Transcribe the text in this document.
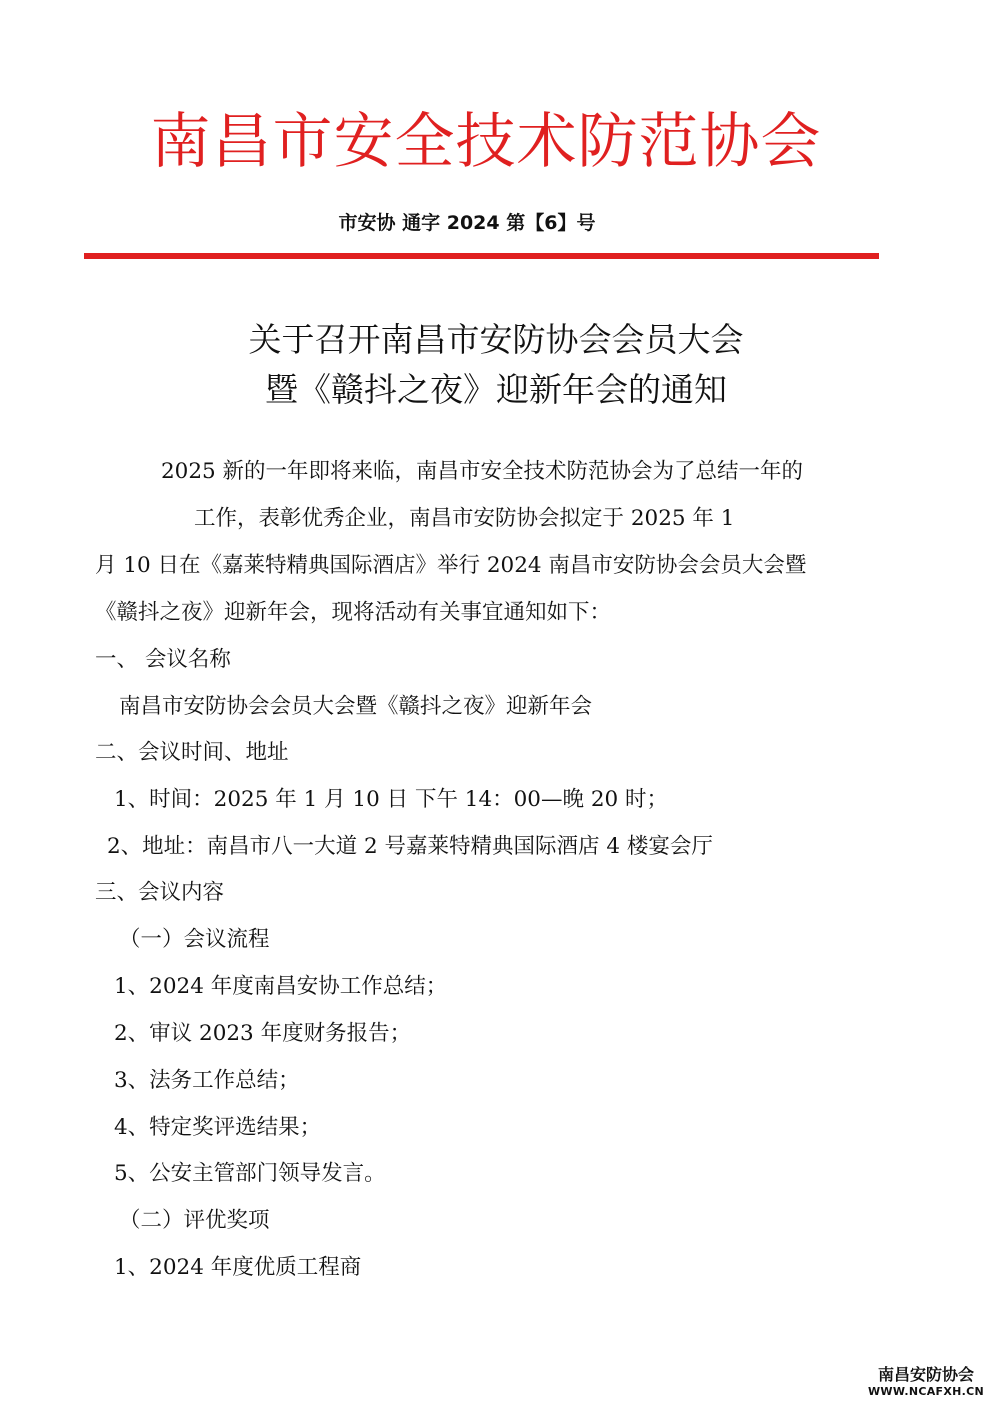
南昌市安全技术防范协会
市安协 通字 2024 第【6】号
关于召开南昌市安防协会会员大会
暨《赣抖之夜》迎新年会的通知
2025 新的一年即将来临，南昌市安全技术防范协会为了总结一年的
工作，表彰优秀企业，南昌市安防协会拟定于 2025 年 1
月 10 日在《嘉莱特精典国际酒店》举行 2024 南昌市安防协会会员大会暨
《赣抖之夜》迎新年会，现将活动有关事宜通知如下：
一、 会议名称
南昌市安防协会会员大会暨《赣抖之夜》迎新年会
二、会议时间、地址
1、时间：2025 年 1 月 10 日 下午 14：00—晚 20 时；
2、地址：南昌市八一大道 2 号嘉莱特精典国际酒店 4 楼宴会厅
三、会议内容
（一）会议流程
1、2024 年度南昌安协工作总结；
2、审议 2023 年度财务报告；
3、法务工作总结；
4、特定奖评选结果；
5、公安主管部门领导发言。
（二）评优奖项
1、2024 年度优质工程商
南昌安防协会
WWW.NCAFXH.CN
